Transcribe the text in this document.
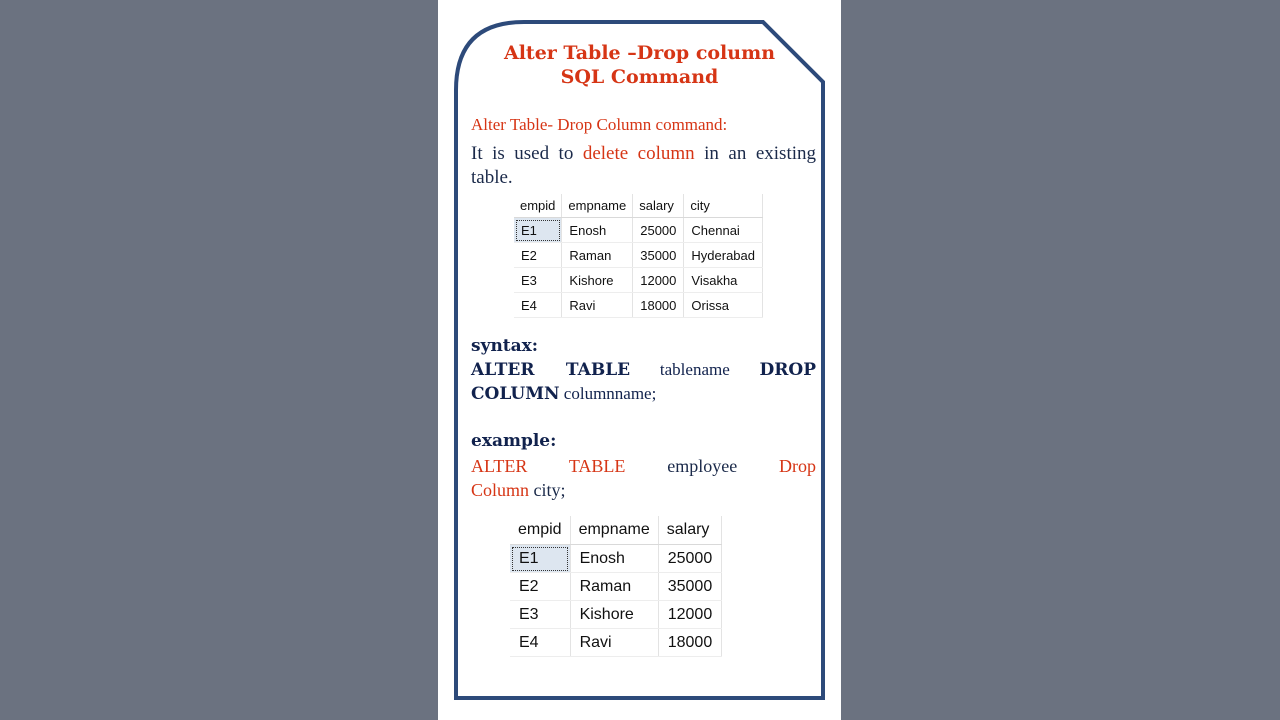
Alter Table –Drop column
SQL Command
Alter Table- Drop Column command:
It is used to delete column in an existing table.
empid	empname	salary	city
E1	Enosh	25000	Chennai
E2	Raman	35000	Hyderabad
E3	Kishore	12000	Visakha
E4	Ravi	18000	Orissa
syntax:
ALTER TABLE tablename DROP
COLUMN columnname;
example:
ALTER TABLE employee Drop
Column city;
empid	empname	salary
E1	Enosh	25000
E2	Raman	35000
E3	Kishore	12000
E4	Ravi	18000
